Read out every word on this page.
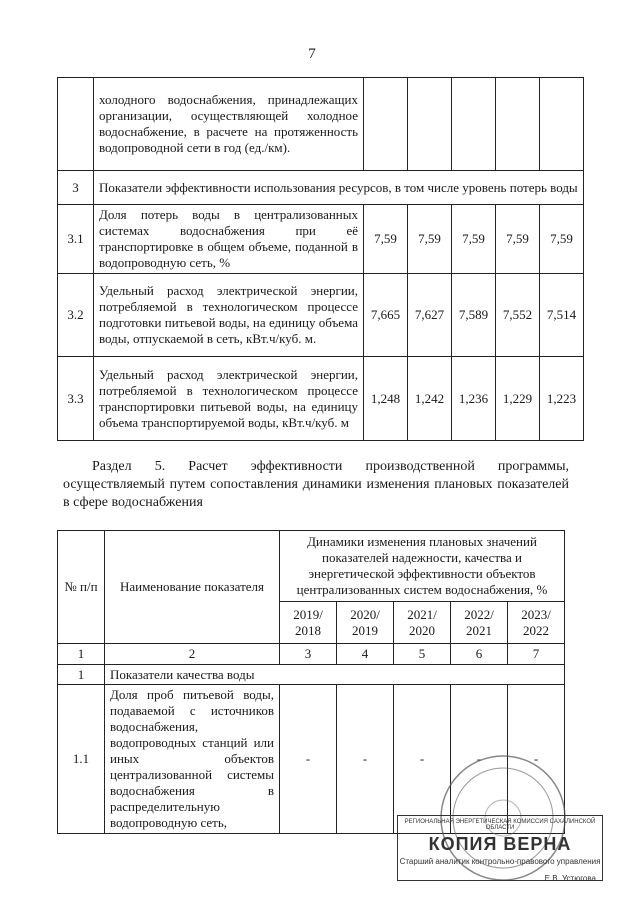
7
	холодного водоснабжения, принадлежащих организации, осуществляющей холодное водоснабжение, в расчете на протяженность водопроводной сети в год (ед./км).					
3	Показатели эффективности использования ресурсов, в том числе уровень потерь воды					
3.1	Доля потерь воды в централизованных системах водоснабжения при её транспортировке в общем объеме, поданной в водопроводную сеть, %	7,59	7,59	7,59	7,59	7,59
3.2	Удельный расход электрической энергии, потребляемой в технологическом процессе подготовки питьевой воды, на единицу объема воды, отпускаемой в сеть, кВт.ч/куб. м.	7,665	7,627	7,589	7,552	7,514
3.3	Удельный расход электрической энергии, потребляемой в технологическом процессе транспортировки питьевой воды, на единицу объема транспортируемой воды, кВт.ч/куб. м	1,248	1,242	1,236	1,229	1,223
Раздел 5. Расчет эффективности производственной программы, осуществляемый путем сопоставления динамики изменения плановых показателей в сфере водоснабжения
№ п/п	Наименование показателя	Динамики изменения плановых значений показателей надежности, качества и энергетической эффективности объектов централизованных систем водоснабжения, %				
		2019/ 2018	2020/ 2019	2021/ 2020	2022/ 2021	2023/ 2022
1	2	3	4	5	6	7
1	Показатели качества воды					
1.1	Доля проб питьевой воды, подаваемой с источников водоснабжения, водопроводных станций или иных объектов централизованной системы водоснабжения в распределительную водопроводную сеть,	-	-	-	-	-
РЕГИОНАЛЬНАЯ ЭНЕРГЕТИЧЕСКАЯ КОМИССИЯ САХАЛИНСКОЙ ОБЛАСТИ
КОПИЯ ВЕРНА
Старший аналитик контрольно-правового управления
Е.В. Устюгова
